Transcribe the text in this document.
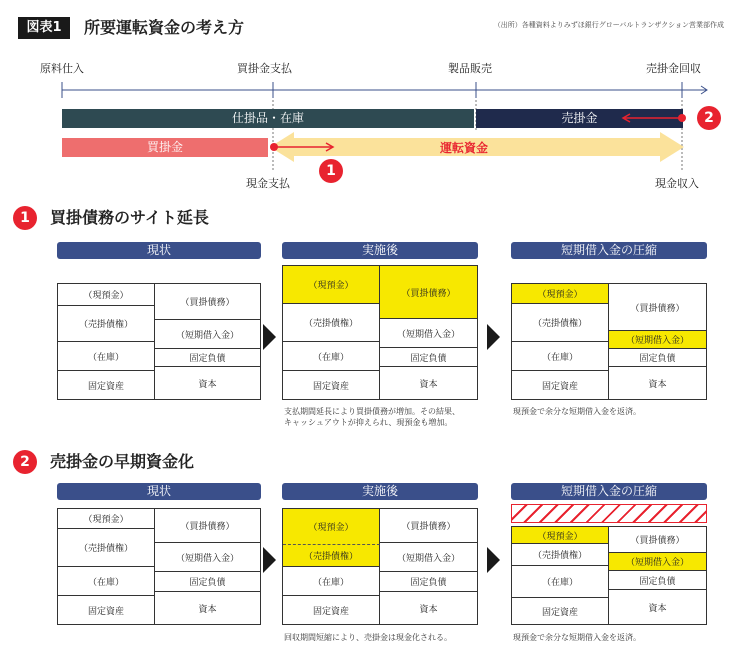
図表1	所要運転資金の考え方	（出所）各種資料よりみずほ銀行グローバルトランザクション営業部作成
原料仕入	買掛金支払	製品販売	売掛金回収
仕掛品・在庫	売掛金
買掛金	運転資金
1
2
現金支払	現金収入
1	買掛債務のサイト延長
現状	実施後	短期借入金の圧縮
（現預金）
（売掛債権）
（在庫）
固定資産
（買掛債務）
（短期借入金）
固定負債
資本
（現預金）
（売掛債権）
（在庫）
固定資産
（買掛債務）
（短期借入金）
固定負債
資本
（現預金）
（売掛債権）
（在庫）
固定資産
（買掛債務）
（短期借入金）
固定負債
資本
支払期間延長により買掛債務が増加。その結果、
キャッシュアウトが抑えられ、現預金も増加。
現預金で余分な短期借入金を返済。
2	売掛金の早期資金化
現状	実施後	短期借入金の圧縮
（現預金）
（売掛債権）
（在庫）
固定資産
（買掛債務）
（短期借入金）
固定負債
資本
（現預金）
（売掛債権）
（在庫）
固定資産
（買掛債務）
（短期借入金）
固定負債
資本
（現預金）
（売掛債権）
（在庫）
固定資産
（買掛債務）
（短期借入金）
固定負債
資本
回収期間短縮により、売掛金は現金化される。	現預金で余分な短期借入金を返済。
